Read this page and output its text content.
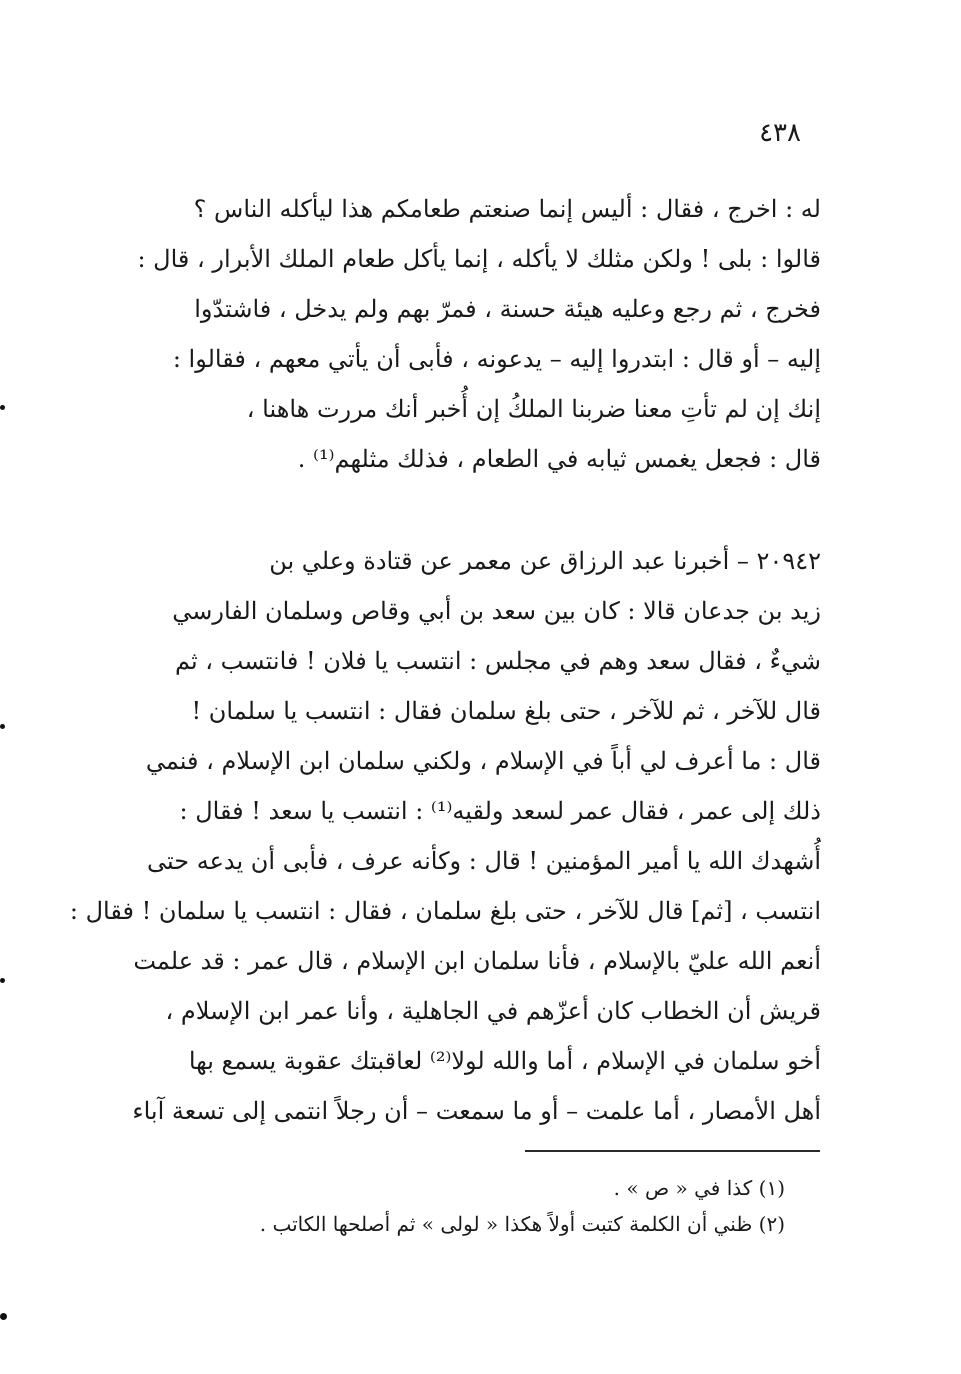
٤٣٨
له : اخرج ، فقال : أليس إنما صنعتم طعامكم هذا ليأكله الناس ؟
قالوا : بلى ! ولكن مثلك لا يأكله ، إنما يأكل طعام الملك الأبرار ، قال :
فخرج ، ثم رجع وعليه هيئة حسنة ، فمرّ بهم ولم يدخل ، فاشتدّوا
إليه – أو قال : ابتدروا إليه – يدعونه ، فأبى أن يأتي معهم ، فقالوا :
إنك إن لم تأتِ معنا ضربنا الملكُ إن أُخبر أنك مررت هاهنا ،
قال : فجعل يغمس ثيابه في الطعام ، فذلك مثلهم⁽¹⁾ .
٢٠٩٤٢ – أخبرنا عبد الرزاق عن معمر عن قتادة وعلي بن
زيد بن جدعان قالا : كان بين سعد بن أبي وقاص وسلمان الفارسي
شيءٌ ، فقال سعد وهم في مجلس : انتسب يا فلان ! فانتسب ، ثم
قال للآخر ، ثم للآخر ، حتى بلغ سلمان فقال : انتسب يا سلمان !
قال : ما أعرف لي أباً في الإسلام ، ولكني سلمان ابن الإسلام ، فنمي
ذلك إلى عمر ، فقال عمر لسعد ولقيه⁽¹⁾ : انتسب يا سعد ! فقال :
أُشهدك الله يا أمير المؤمنين ! قال : وكأنه عرف ، فأبى أن يدعه حتى
انتسب ، [ثم] قال للآخر ، حتى بلغ سلمان ، فقال : انتسب يا سلمان ! فقال :
أنعم الله عليّ بالإسلام ، فأنا سلمان ابن الإسلام ، قال عمر : قد علمت
قريش أن الخطاب كان أعزّهم في الجاهلية ، وأنا عمر ابن الإسلام ،
أخو سلمان في الإسلام ، أما والله لولا⁽²⁾ لعاقبتك عقوبة يسمع بها
أهل الأمصار ، أما علمت – أو ما سمعت – أن رجلاً انتمى إلى تسعة آباء
(١) كذا في « ص » .
(٢) ظني أن الكلمة كتبت أولاً هكذا « لولى » ثم أصلحها الكاتب .
